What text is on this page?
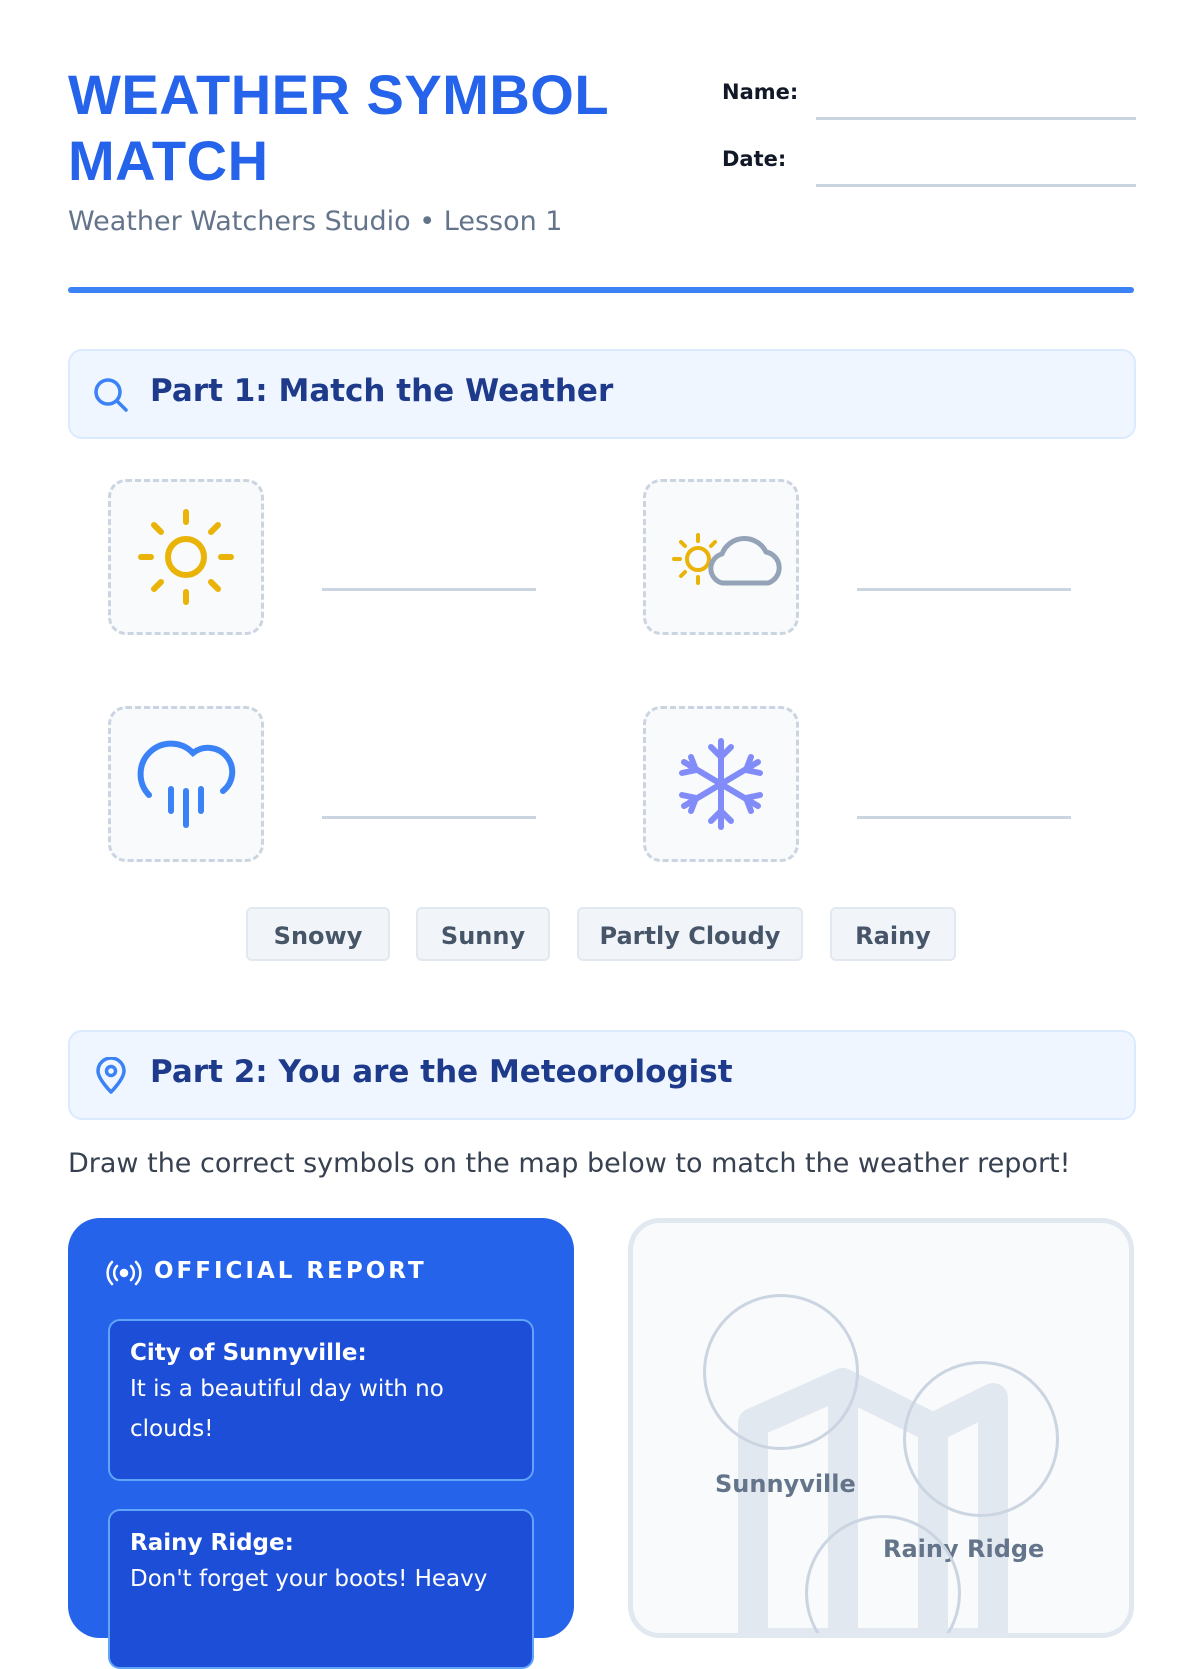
WEATHER SYMBOL MATCH
Weather Watchers Studio • Lesson 1
Name:
Date:
Part 1: Match the Weather
Snowy	Sunny	Partly Cloudy	Rainy
Part 2: You are the Meteorologist
Draw the correct symbols on the map below to match the weather report!
OFFICIAL REPORT
City of Sunnyville:
It is a beautiful day with no clouds!
Rainy Ridge:
Don't forget your boots! Heavy
Sunnyville
Rainy Ridge
